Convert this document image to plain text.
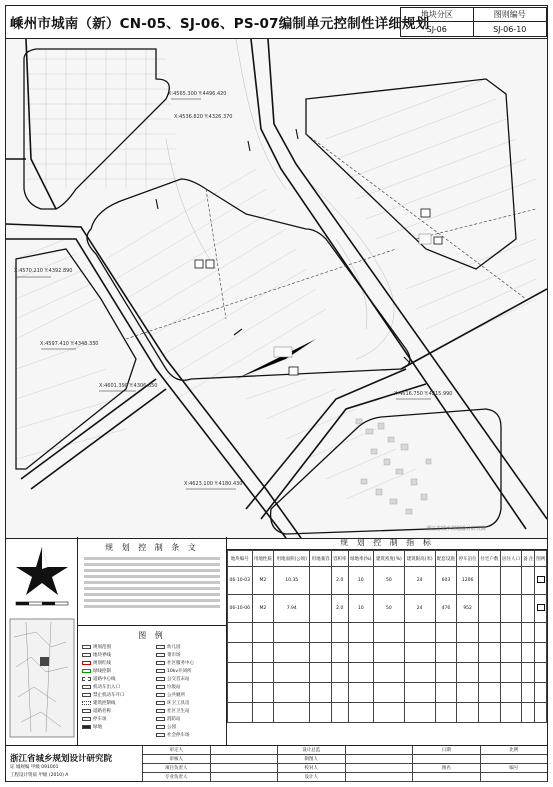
嵊州市城南（新）CN-05、SJ-06、PS-07编制单元控制性详细规划
地块分区	图则编号
SJ-06	SJ-06-10
X:4565.300 Y:4496.420
X:4570.210 Y:4392.890
X:4597.410 Y:4348.330
X:4601.390 Y:4306.650
X:4616.750 Y:4215.990
X:4623.100 Y:4180.430
X:4536.820 Y:4326.370
浙江省城乡规划设计研究院
规 划 控 制 条 文
图 例
规划范围
地块界线
规划红线
绿线控制
道路中心线
机动车出入口
禁止机动车开口
建筑控制线
道路名称
停车场
绿地
幼儿园
菜市场
社区服务中心
10kv开闭所
公交首末站
垃圾站
公共厕所
环卫工具房
社区卫生站
消防站
公园
社会停车场
规 划 控 制 指 标
地块编号	用地性质	用地面积(公顷)	用地兼容	容积率	绿地率(%)	建筑密度(%)	建筑限高(米)	配套设施	停车泊位	住宅户数	居住人口	备 注	图例
06-10-03	M2	10.35		2.0	10	50	24	603	1206				
06-10-06	M2	7.94		2.0	10	50	24	476	952				

浙江省城乡规划设计研究院
证 城规编 甲级 091001
工程设计资质 甲级 (2010) A
审定人	设计总监	日期	比例
审核人	制图人
项目负责人	校对人	图名	编号
专业负责人	设计人
